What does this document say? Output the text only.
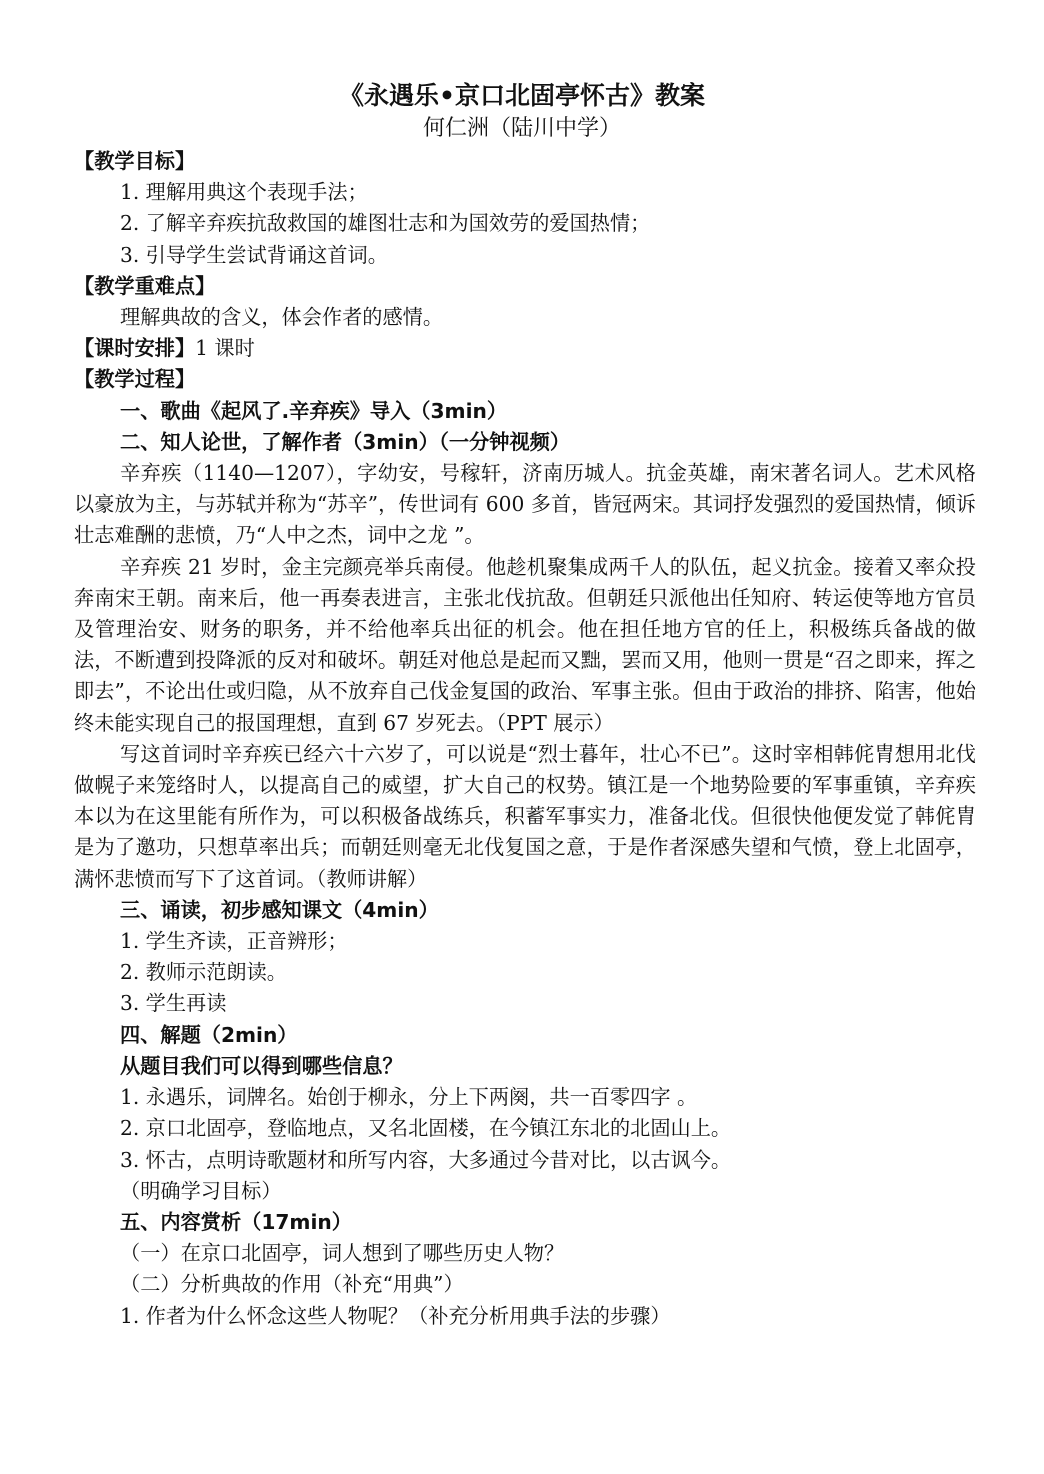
《永遇乐•京口北固亭怀古》教案
何仁洲（陆川中学）

【教学目标】

1. 理解用典这个表现手法；

2. 了解辛弃疾抗敌救国的雄图壮志和为国效劳的爱国热情；

3. 引导学生尝试背诵这首词。

【教学重难点】

理解典故的含义，体会作者的感情。

【课时安排】1 课时

【教学过程】

一、歌曲《起风了.辛弃疾》导入（3min）

二、知人论世，了解作者（3min）（一分钟视频）

辛弃疾（1140—1207），字幼安，号稼轩，济南历城人。抗金英雄，南宋著名词人。艺术风格以豪放为主，与苏轼并称为“苏辛”，传世词有 600 多首，皆冠两宋。其词抒发强烈的爱国热情，倾诉壮志难酬的悲愤，乃“人中之杰，词中之龙 ”。

辛弃疾 21 岁时，金主完颜亮举兵南侵。他趁机聚集成两千人的队伍，起义抗金。接着又率众投奔南宋王朝。南来后，他一再奏表进言，主张北伐抗敌。但朝廷只派他出任知府、转运使等地方官员及管理治安、财务的职务，并不给他率兵出征的机会。他在担任地方官的任上，积极练兵备战的做法，不断遭到投降派的反对和破坏。朝廷对他总是起而又黜，罢而又用，他则一贯是“召之即来，挥之即去”，不论出仕或归隐，从不放弃自己伐金复国的政治、军事主张。但由于政治的排挤、陷害，他始终未能实现自己的报国理想，直到 67 岁死去。（PPT 展示）

写这首词时辛弃疾已经六十六岁了，可以说是“烈士暮年，壮心不已”。这时宰相韩侂胄想用北伐做幌子来笼络时人，以提高自己的威望，扩大自己的权势。镇江是一个地势险要的军事重镇，辛弃疾本以为在这里能有所作为，可以积极备战练兵，积蓄军事实力，准备北伐。但很快他便发觉了韩侂胄是为了邀功，只想草率出兵；而朝廷则毫无北伐复国之意，于是作者深感失望和气愤，登上北固亭，满怀悲愤而写下了这首词。（教师讲解）

三、诵读，初步感知课文（4min）

1. 学生齐读，正音辨形；

2. 教师示范朗读。

3. 学生再读

四、解题（2min）

从题目我们可以得到哪些信息？

1. 永遇乐，词牌名。始创于柳永，分上下两阕，共一百零四字 。

2. 京口北固亭，登临地点，又名北固楼，在今镇江东北的北固山上。

3. 怀古，点明诗歌题材和所写内容，大多通过今昔对比，以古讽今。

（明确学习目标）

五、内容赏析（17min）

（一）在京口北固亭，词人想到了哪些历史人物？

（二）分析典故的作用（补充“用典”）

1. 作者为什么怀念这些人物呢？（补充分析用典手法的步骤）
